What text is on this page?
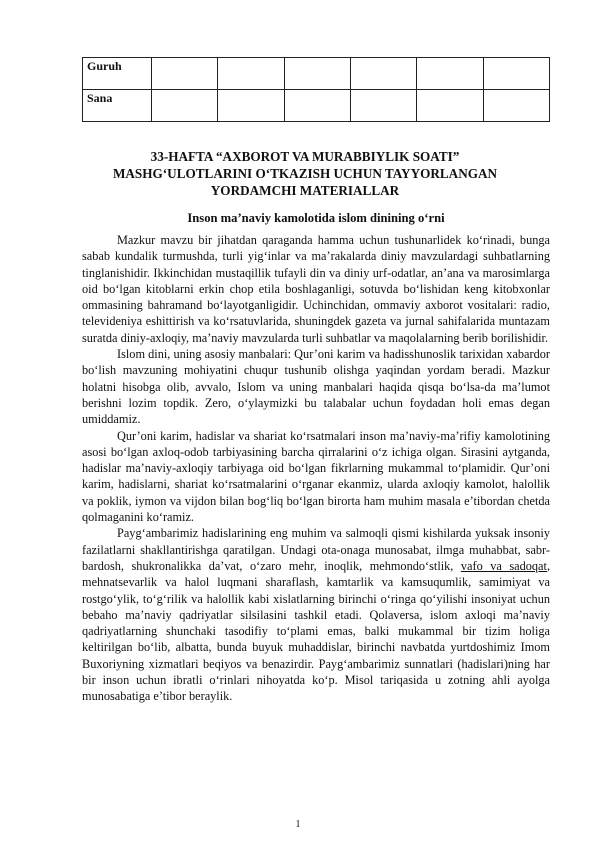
Guruh						
Sana						
33-HAFTA “AXBOROT VA MURABBIYLIK SOATI”
MASHG‘ULOTLARINI O‘TKAZISH UCHUN TAYYORLANGAN
YORDAMCHI MATERIALLAR
Inson ma’naviy kamolotida islom dinining o‘rni

Mazkur mavzu bir jihatdan qaraganda hamma uchun tushunarlidek ko‘rinadi, bunga sabab kundalik turmushda, turli yig‘inlar va ma’rakalarda diniy mavzulardagi suhbatlarning tinglanishidir. Ikkinchidan mustaqillik tufayli din va diniy urf-odatlar, an’ana va marosimlarga oid bo‘lgan kitoblarni erkin chop etila boshlaganligi, sotuvda bo‘lishidan keng kitobxonlar ommasining bahramand bo‘layotganligidir. Uchinchidan, ommaviy axborot vositalari: radio, televideniya eshittirish va ko‘rsatuvlarida, shuningdek gazeta va jurnal sahifalarida muntazam suratda diniy-axloqiy, ma’naviy mavzularda turli suhbatlar va maqolalarning berib borilishidir.

Islom dini, uning asosiy manbalari: Qur’oni karim va hadisshunoslik tarixidan xabardor bo‘lish mavzuning mohiyatini chuqur tushunib olishga yaqindan yordam beradi. Mazkur holatni hisobga olib, avvalo, Islom va uning manbalari haqida qisqa bo‘lsa-da ma’lumot berishni lozim topdik. Zero, o‘ylaymizki bu talabalar uchun foydadan holi emas degan umiddamiz.

Qur’oni karim, hadislar va shariat ko‘rsatmalari inson ma’naviy-ma’rifiy kamolotining asosi bo‘lgan axloq-odob tarbiyasining barcha qirralarini o‘z ichiga olgan. Sirasini aytganda, hadislar ma’naviy-axloqiy tarbiyaga oid bo‘lgan fikrlarning mukammal to‘plamidir. Qur’oni karim, hadislarni, shariat ko‘rsatmalarini o‘rganar ekanmiz, ularda axloqiy kamolot, halollik va poklik, iymon va vijdon bilan bog‘liq bo‘lgan birorta ham muhim masala e’tibordan chetda qolmaganini ko‘ramiz.

Payg‘ambarimiz hadislarining eng muhim va salmoqli qismi kishilarda yuksak insoniy fazilatlarni shakllantirishga qaratilgan. Undagi ota-onaga munosabat, ilmga muhabbat, sabr-bardosh, shukronalikka da’vat, o‘zaro mehr, inoqlik, mehmondo‘stlik, vafo va sadoqat, mehnatsevarlik va halol luqmani sharaflash, kamtarlik va kamsuqumlik, samimiyat va rostgo‘ylik, to‘g‘rilik va halollik kabi xislatlarning birinchi o‘ringa qo‘yilishi insoniyat uchun bebaho ma’naviy qadriyatlar silsilasini tashkil etadi. Qolaversa, islom axloqi ma’naviy qadriyatlarning shunchaki tasodifiy to‘plami emas, balki mukammal bir tizim holiga keltirilgan bo‘lib, albatta, bunda buyuk muhaddislar, birinchi navbatda yurtdoshimiz Imom Buxoriyning xizmatlari beqiyos va benazirdir. Payg‘ambarimiz sunnatlari (hadislari)ning har bir inson uchun ibratli o‘rinlari nihoyatda ko‘p. Misol tariqasida u zotning ahli ayolga munosabatiga e’tibor beraylik.

1
